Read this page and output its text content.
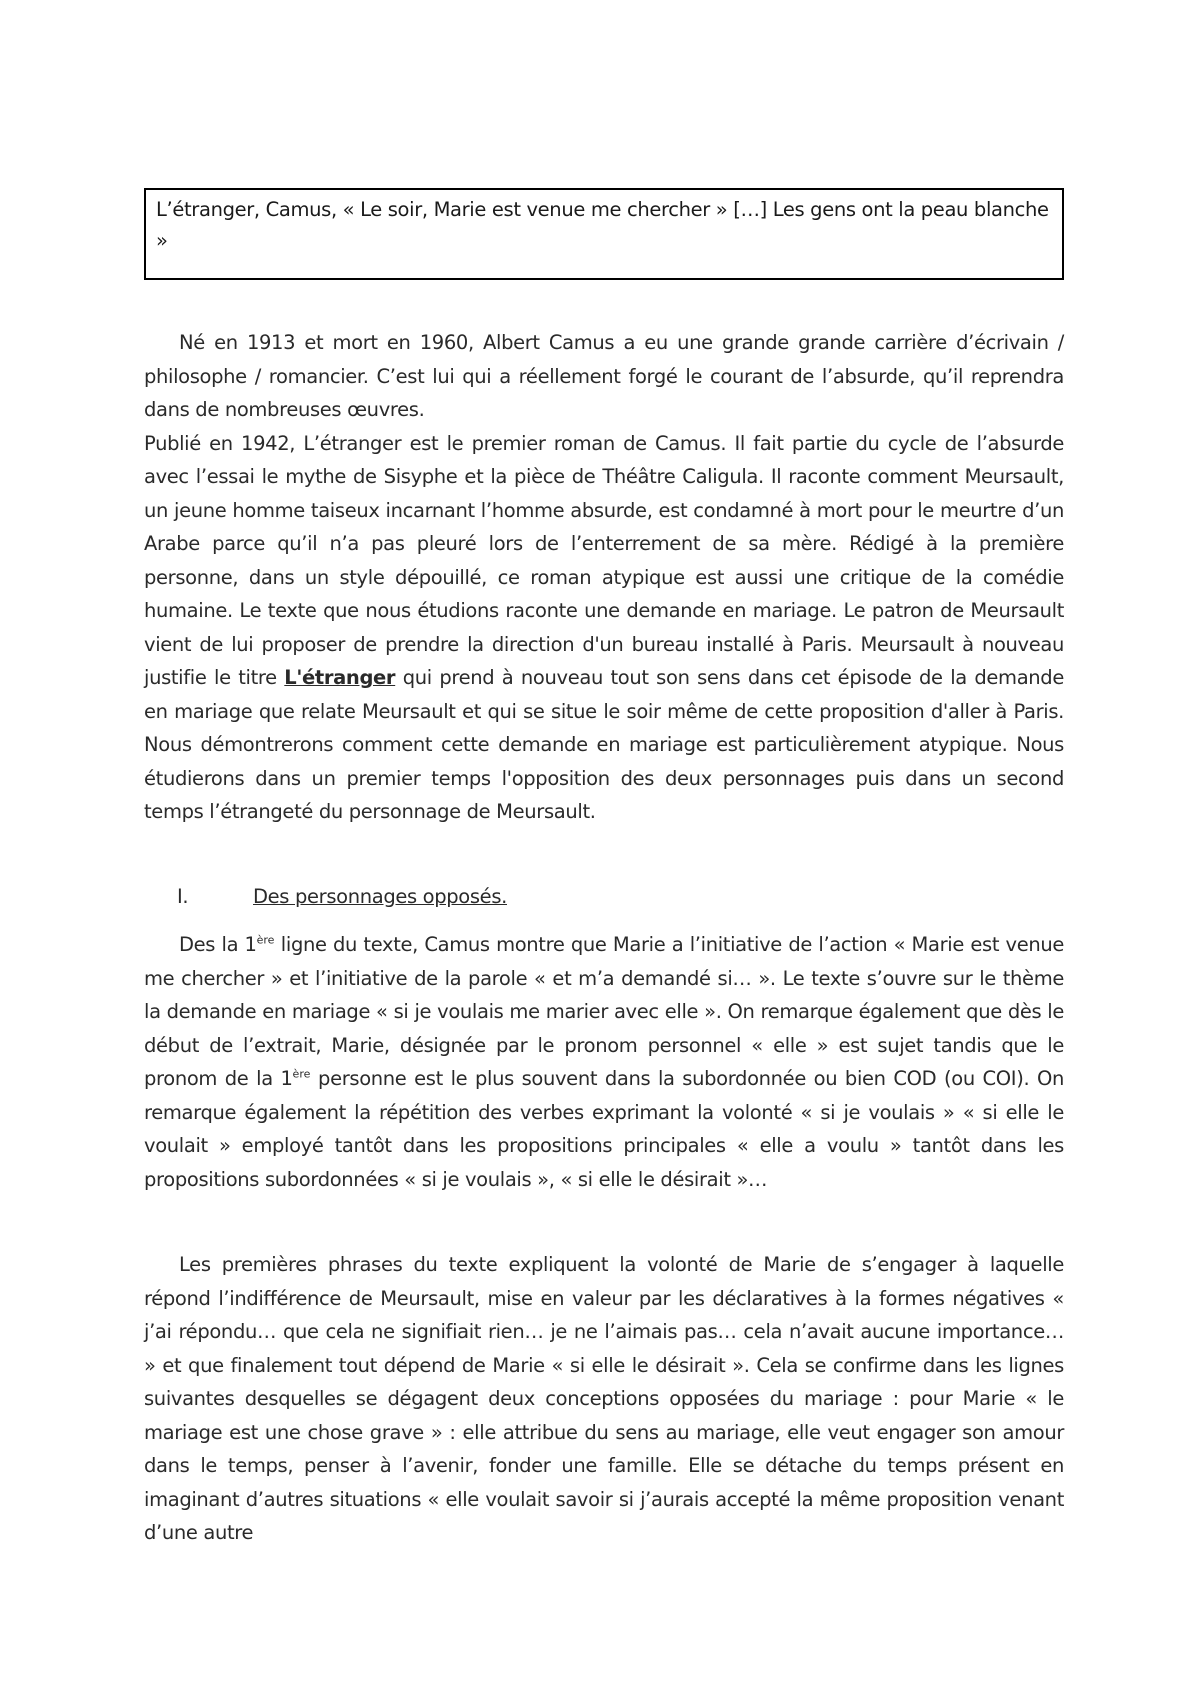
L’étranger, Camus, « Le soir, Marie est venue me chercher » […] Les gens ont la peau blanche »

Né en 1913 et mort en 1960, Albert Camus a eu une grande grande carrière d’écrivain / philosophe / romancier. C’est lui qui a réellement forgé le courant de l’absurde, qu’il reprendra dans de nombreuses œuvres.

Publié en 1942, L’étranger est le premier roman de Camus. Il fait partie du cycle de l’absurde avec l’essai le mythe de Sisyphe et la pièce de Théâtre Caligula. Il raconte comment Meursault, un jeune homme taiseux incarnant l’homme absurde, est condamné à mort pour le meurtre d’un Arabe parce qu’il n’a pas pleuré lors de l’enterrement de sa mère. Rédigé à la première personne, dans un style dépouillé, ce roman atypique est aussi une critique de la comédie humaine. Le texte que nous étudions raconte une demande en mariage. Le patron de Meursault vient de lui proposer de prendre la direction d'un bureau installé à Paris. Meursault à nouveau justifie le titre L'étranger qui prend à nouveau tout son sens dans cet épisode de la demande en mariage que relate Meursault et qui se situe le soir même de cette proposition d'aller à Paris. Nous démontrerons comment cette demande en mariage est particulièrement atypique. Nous étudierons dans un premier temps l'opposition des deux personnages puis dans un second temps l’étrangeté du personnage de Meursault.

I.	Des personnages opposés.

Des la 1ère ligne du texte, Camus montre que Marie a l’initiative de l’action « Marie est venue me chercher » et l’initiative de la parole « et m’a demandé si… ». Le texte s’ouvre sur le thème la demande en mariage « si je voulais me marier avec elle ». On remarque également que dès le début de l’extrait, Marie, désignée par le pronom personnel « elle » est sujet tandis que le pronom de la 1ère personne est le plus souvent dans la subordonnée ou bien COD (ou COI). On remarque également la répétition des verbes exprimant la volonté « si je voulais » « si elle le voulait » employé tantôt dans les propositions principales « elle a voulu » tantôt dans les propositions subordonnées « si je voulais », « si elle le désirait »…

Les premières phrases du texte expliquent la volonté de Marie de s’engager à laquelle répond l’indifférence de Meursault, mise en valeur par les déclaratives à la formes négatives « j’ai répondu… que cela ne signifiait rien… je ne l’aimais pas… cela n’avait aucune importance… » et que finalement tout dépend de Marie « si elle le désirait ». Cela se confirme dans les lignes suivantes desquelles se dégagent deux conceptions opposées du mariage : pour Marie « le mariage est une chose grave » : elle attribue du sens au mariage, elle veut engager son amour dans le temps, penser à l’avenir, fonder une famille. Elle se détache du temps présent en imaginant d’autres situations « elle voulait savoir si j’aurais accepté la même proposition venant d’une autre
